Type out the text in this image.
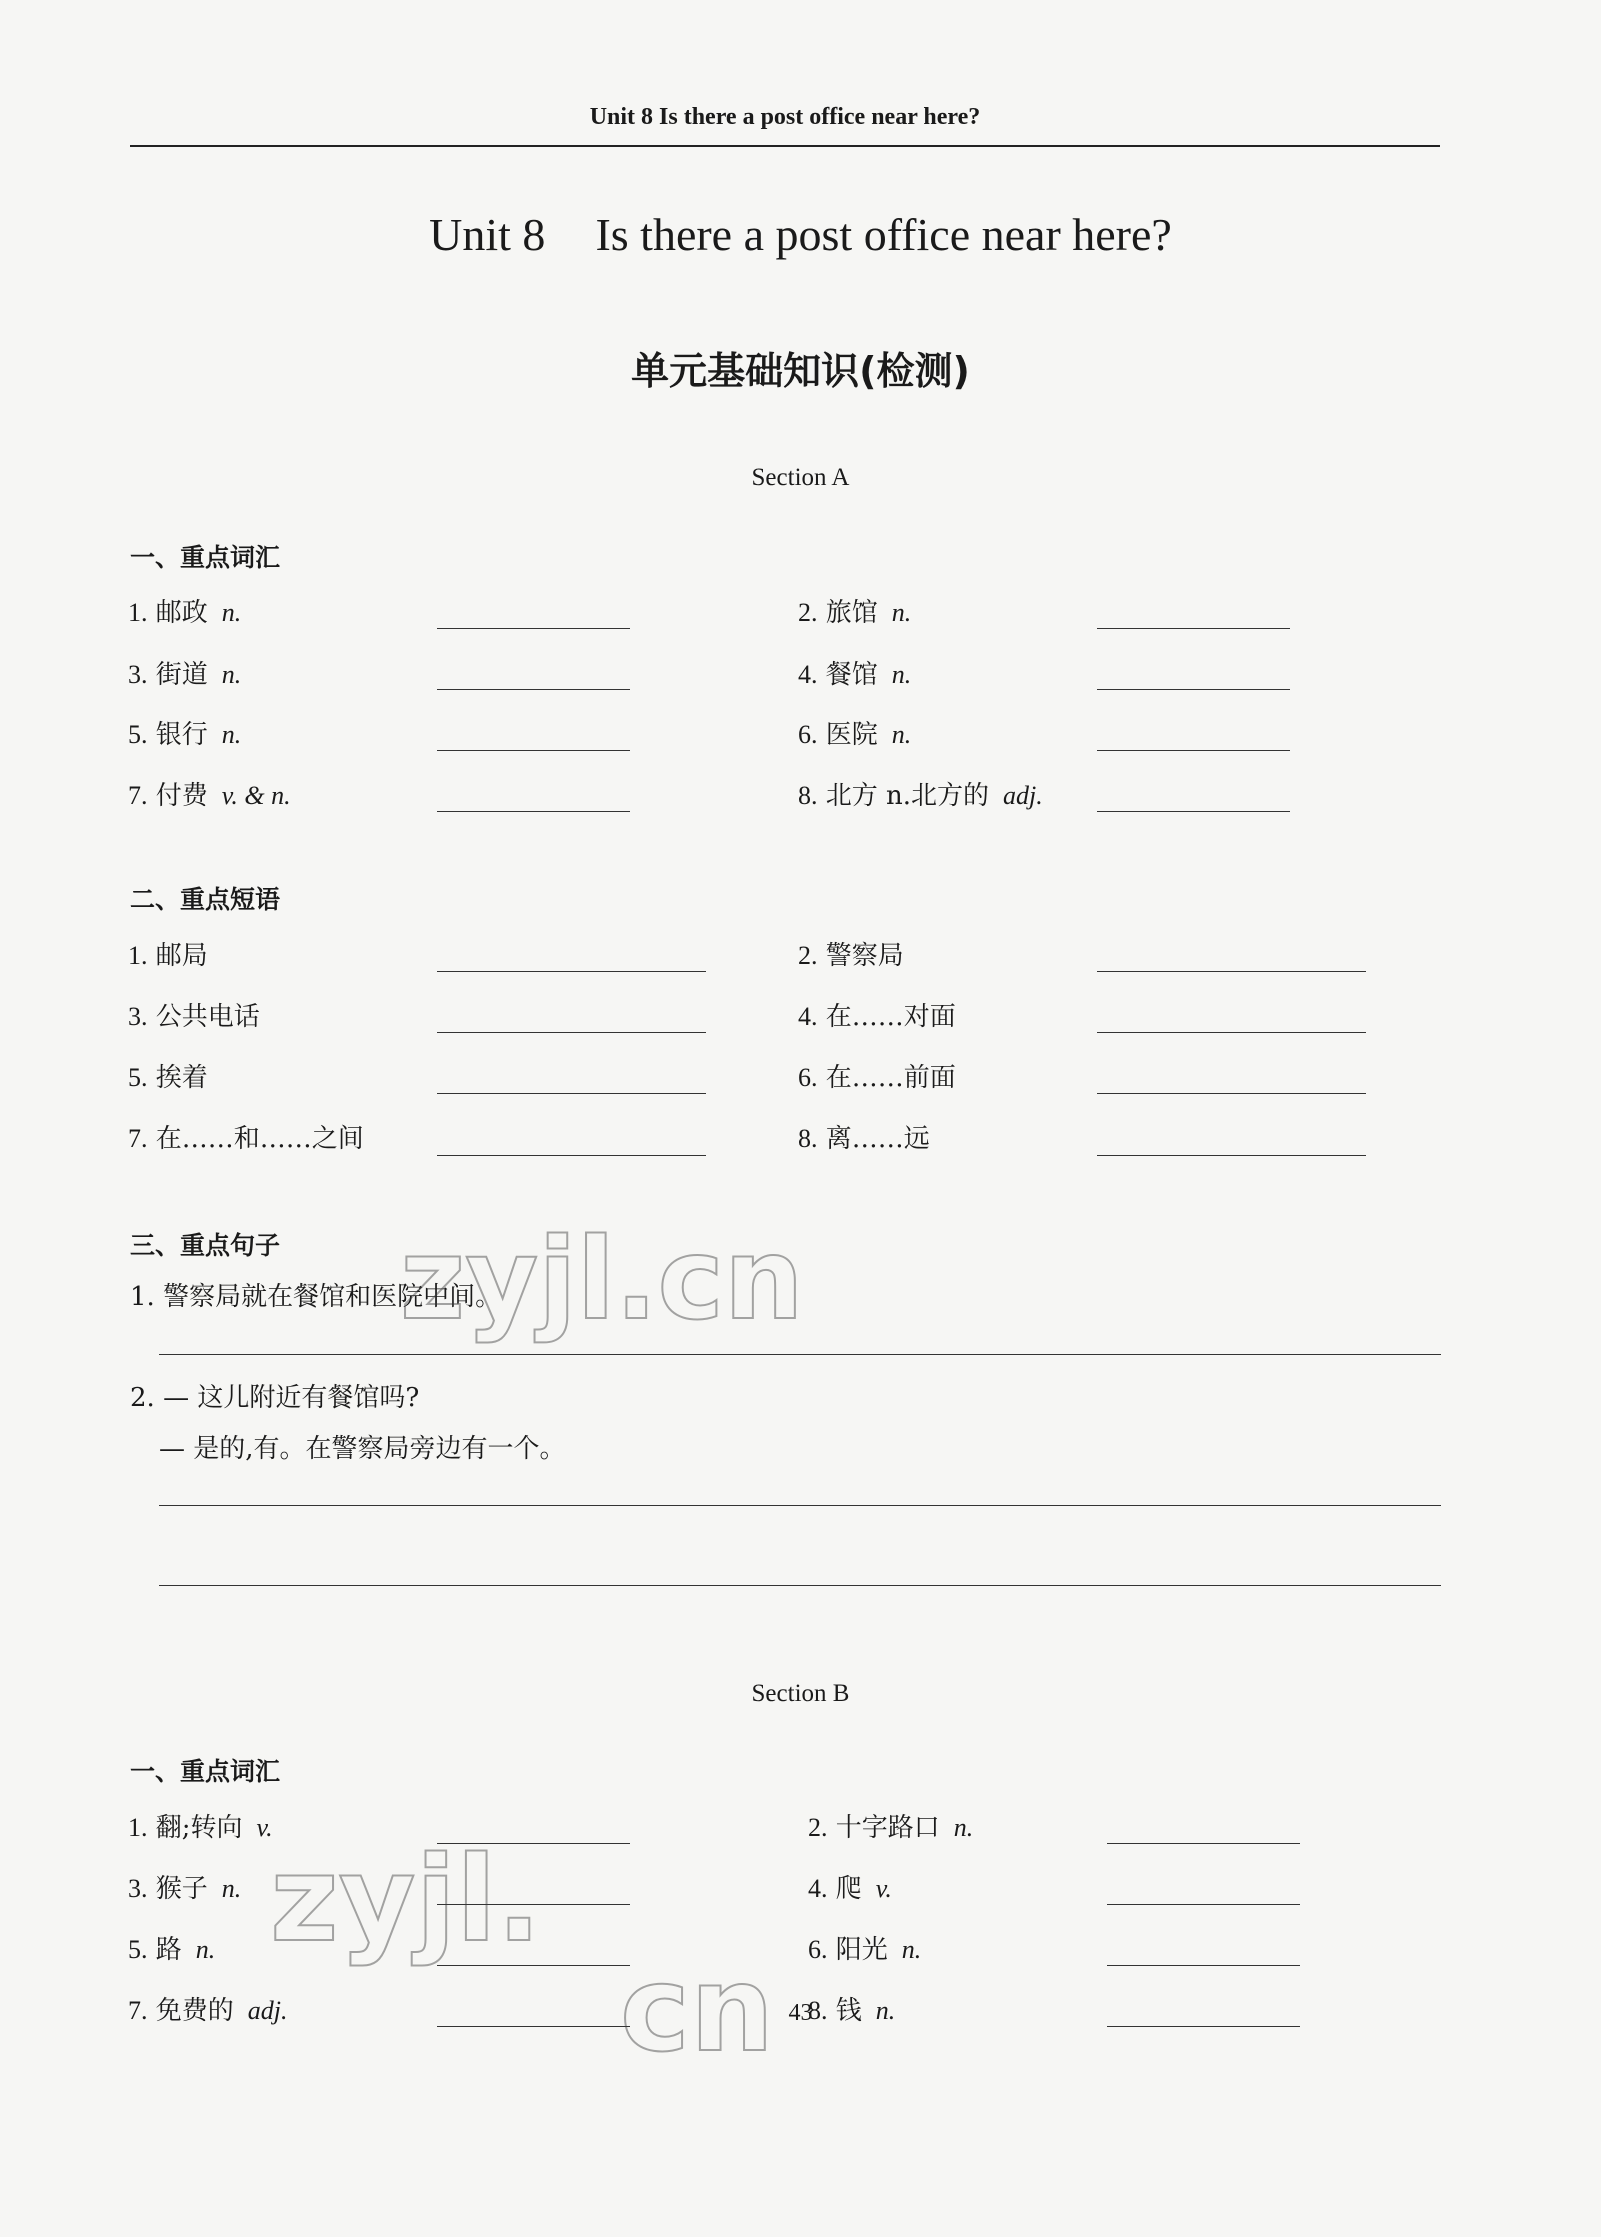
Unit 8 Is there a post office near here?
Unit 8 Is there a post office near here?
单元基础知识(检测)
Section A
一、重点词汇
1. 邮政 n.	2. 旅馆 n.
3. 街道 n.	4. 餐馆 n.
5. 银行 n.	6. 医院 n.
7. 付费 v. & n.	8. 北方 n.北方的 adj.
二、重点短语
1. 邮局	2. 警察局
3. 公共电话	4. 在……对面
5. 挨着	6. 在……前面
7. 在……和……之间	8. 离……远
三、重点句子
1. 警察局就在餐馆和医院中间。
2. — 这儿附近有餐馆吗?
— 是的,有。在警察局旁边有一个。
Section B
一、重点词汇
1. 翻;转向 v.	2. 十字路口 n.
3. 猴子 n.	4. 爬 v.
5. 路 n.	6. 阳光 n.
7. 免费的 adj.	8. 钱 n.
zyjl.cn
zyjl.
cn 43
